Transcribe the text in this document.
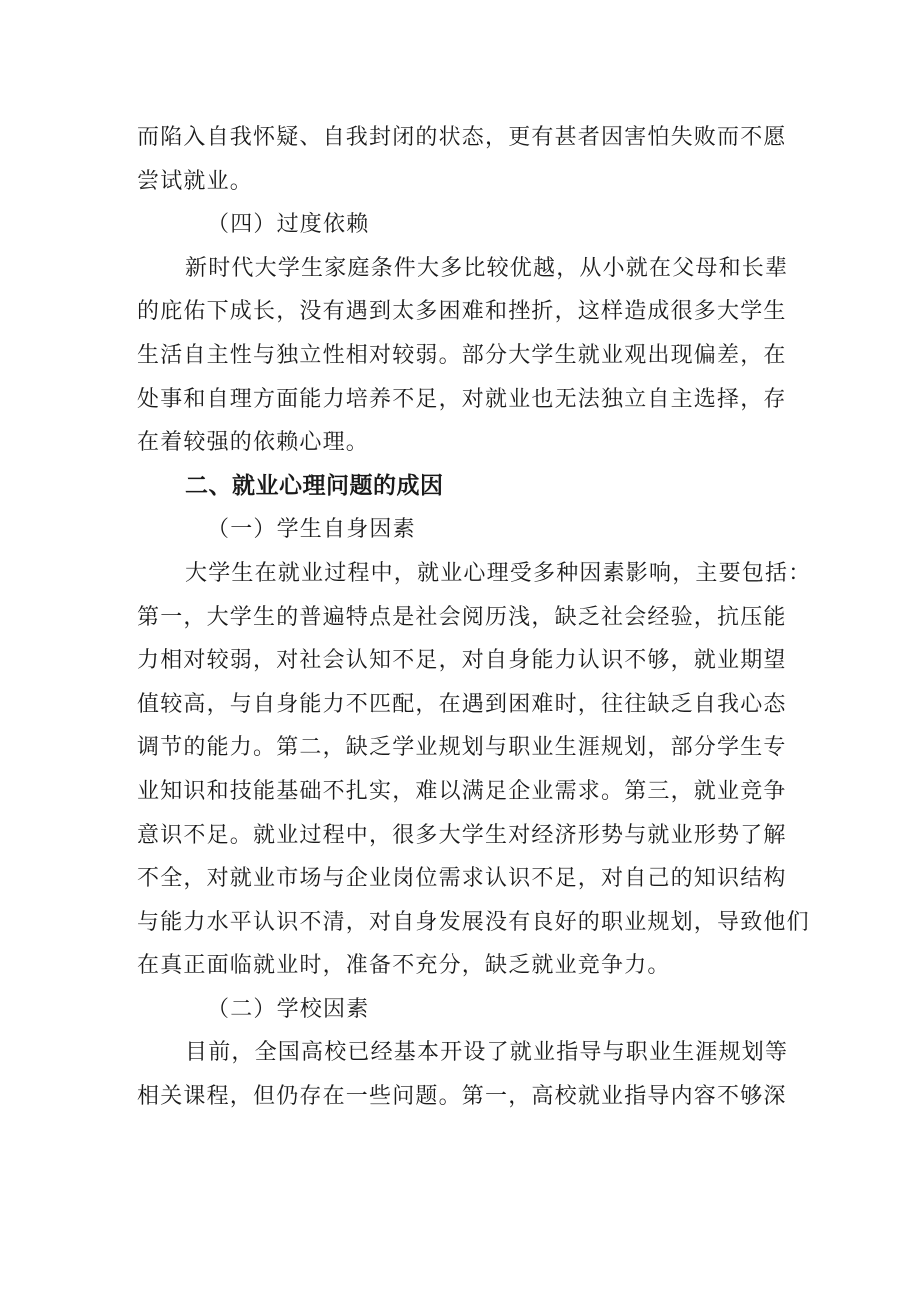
而陷入自我怀疑、自我封闭的状态，更有甚者因害怕失败而不愿
尝试就业。
（四）过度依赖
新时代大学生家庭条件大多比较优越，从小就在父母和长辈
的庇佑下成长，没有遇到太多困难和挫折，这样造成很多大学生
生活自主性与独立性相对较弱。部分大学生就业观出现偏差，在
处事和自理方面能力培养不足，对就业也无法独立自主选择，存
在着较强的依赖心理。
二、就业心理问题的成因
（一）学生自身因素
大学生在就业过程中，就业心理受多种因素影响，主要包括：
第一，大学生的普遍特点是社会阅历浅，缺乏社会经验，抗压能
力相对较弱，对社会认知不足，对自身能力认识不够，就业期望
值较高，与自身能力不匹配，在遇到困难时，往往缺乏自我心态
调节的能力。第二，缺乏学业规划与职业生涯规划，部分学生专
业知识和技能基础不扎实，难以满足企业需求。第三，就业竞争
意识不足。就业过程中，很多大学生对经济形势与就业形势了解
不全，对就业市场与企业岗位需求认识不足，对自己的知识结构
与能力水平认识不清，对自身发展没有良好的职业规划，导致他们
在真正面临就业时，准备不充分，缺乏就业竞争力。
（二）学校因素
目前，全国高校已经基本开设了就业指导与职业生涯规划等
相关课程，但仍存在一些问题。第一，高校就业指导内容不够深
